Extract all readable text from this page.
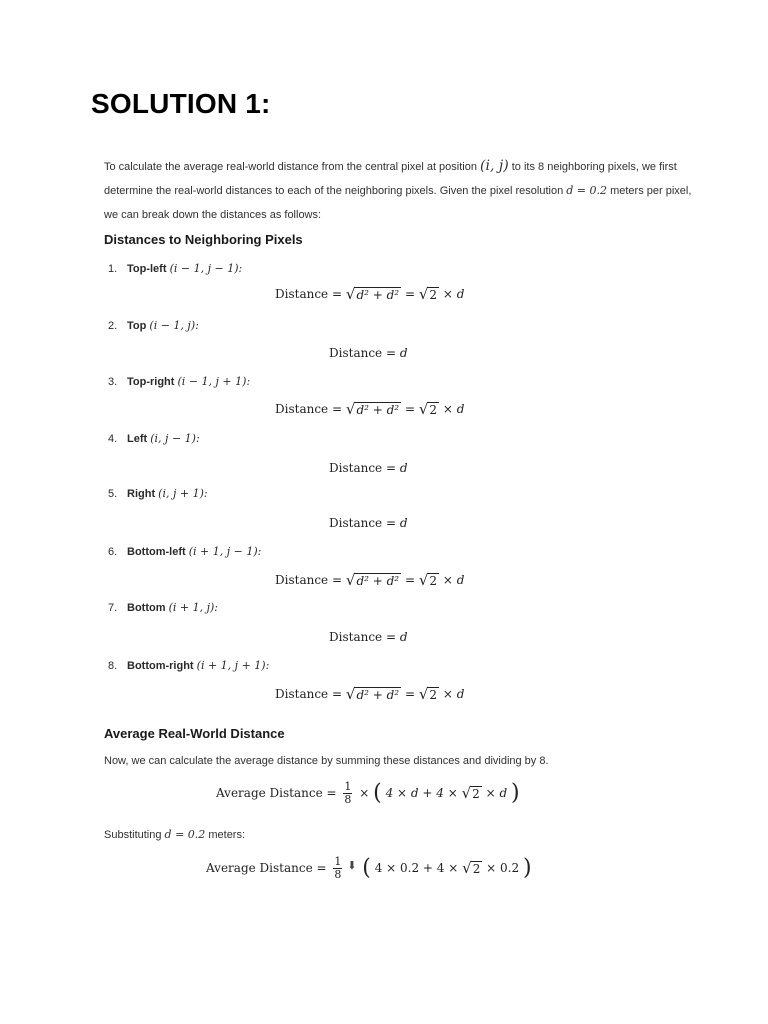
SOLUTION 1:

To calculate the average real-world distance from the central pixel at position (i, j) to its 8 neighboring pixels, we first determine the real-world distances to each of the neighboring pixels. Given the pixel resolution d = 0.2 meters per pixel, we can break down the distances as follows:

Distances to Neighboring Pixels

1. Top-left (i − 1, j − 1):

Distance = √ d² + d² = √ 2 × d

2. Top (i − 1, j):

Distance = d

3. Top-right (i − 1, j + 1):

Distance = √ d² + d² = √ 2 × d

4. Left (i, j − 1):

Distance = d

5. Right (i, j + 1):

Distance = d

6. Bottom-left (i + 1, j − 1):

Distance = √ d² + d² = √ 2 × d

7. Bottom (i + 1, j):

Distance = d

8. Bottom-right (i + 1, j + 1):

Distance = √ d² + d² = √ 2 × d
Average Real-World Distance

Now, we can calculate the average distance by summing these distances and dividing by 8.

Average Distance = $\frac{1}{8}$ × ( 4 × d + 4 × √ 2 × d )

Substituting d = 0.2 meters:

Average Distance = $\frac{1}{8}$ ⬇ ( 4 × 0.2 + 4 × √ 2 × 0.2 )
